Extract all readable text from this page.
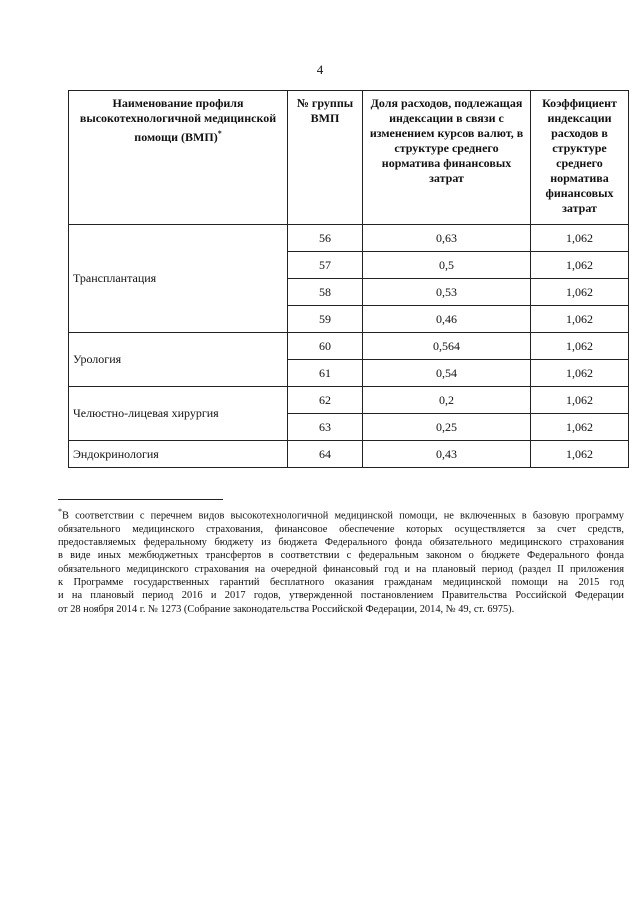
4
Наименование профиля высокотехнологичной медицинской помощи (ВМП)*	№ группы ВМП	Доля расходов, подлежащая индексации в связи с изменением курсов валют, в структуре среднего норматива финансовых затрат	Коэффициент индексации расходов в структуре среднего норматива финансовых затрат
Трансплантация	56	0,63	1,062
	57	0,5	1,062
	58	0,53	1,062
	59	0,46	1,062
Урология	60	0,564	1,062
	61	0,54	1,062
Челюстно-лицевая хирургия	62	0,2	1,062
	63	0,25	1,062
Эндокринология	64	0,43	1,062
*В соответствии с перечнем видов высокотехнологичной медицинской помощи, не включенных в базовую программу
обязательного медицинского страхования, финансовое обеспечение которых осуществляется за счет средств,
предоставляемых федеральному бюджету из бюджета Федерального фонда обязательного медицинского страхования
в виде иных межбюджетных трансфертов в соответствии с федеральным законом о бюджете Федерального фонда
обязательного медицинского страхования на очередной финансовый год и на плановый период (раздел II приложения
к Программе государственных гарантий бесплатного оказания гражданам медицинской помощи на 2015 год
и на плановый период 2016 и 2017 годов, утвержденной постановлением Правительства Российской Федерации
от 28 ноября 2014 г. № 1273 (Собрание законодательства Российской Федерации, 2014, № 49, ст. 6975).
